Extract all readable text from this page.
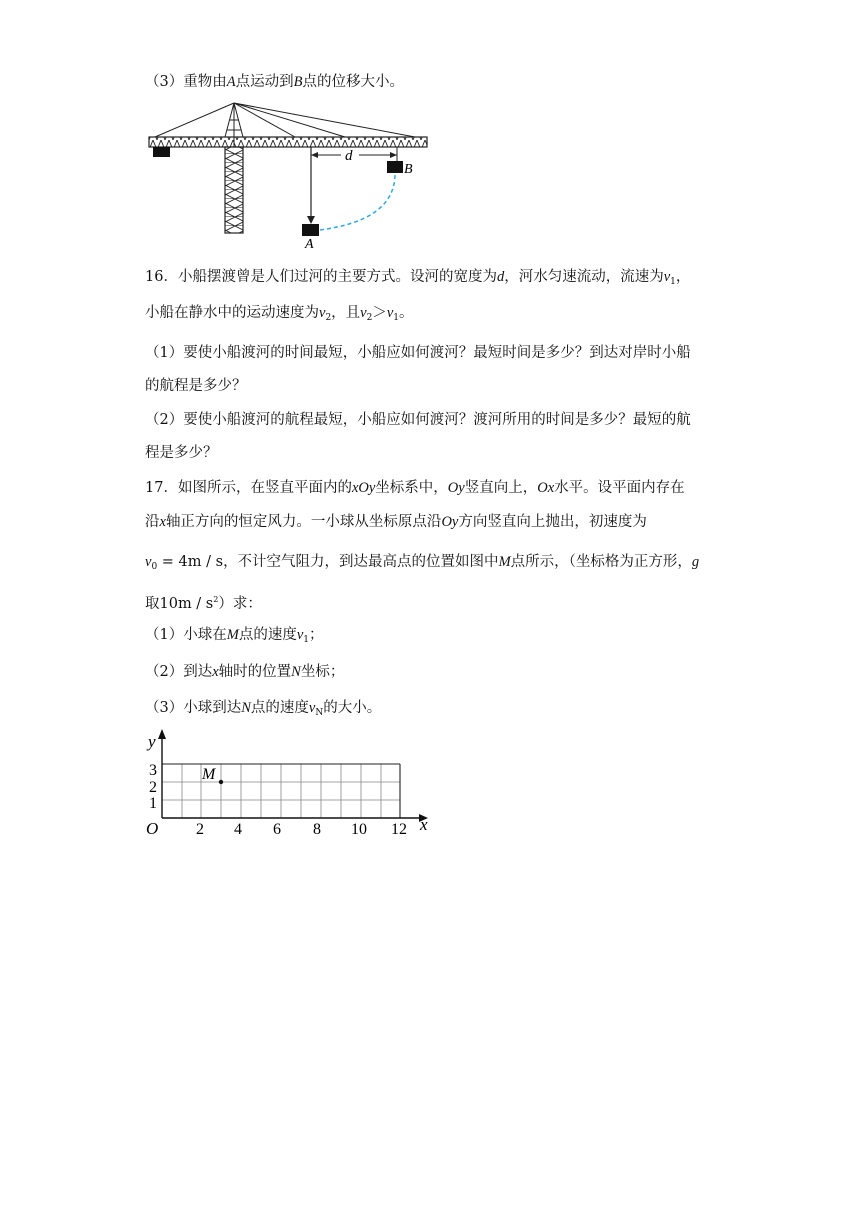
（3）重物由A点运动到B点的位移大小。
d
A
B
16．小船摆渡曾是人们过河的主要方式。设河的宽度为d，河水匀速流动，流速为$v_1$，
小船在静水中的运动速度为$v_2$，且$v_2>v_1$。
（1）要使小船渡河的时间最短，小船应如何渡河？最短时间是多少？到达对岸时小船
的航程是多少？
（2）要使小船渡河的航程最短，小船应如何渡河？渡河所用的时间是多少？最短的航
程是多少？
17．如图所示，在竖直平面内的xOy坐标系中，Oy竖直向上，Ox水平。设平面内存在
沿x轴正方向的恒定风力。一小球从坐标原点沿Oy方向竖直向上抛出，初速度为
$v_0 = 4m / s$，不计空气阻力，到达最高点的位置如图中M点所示，（坐标格为正方形，g
取$10m / s^2$）求：
（1）小球在M点的速度$v_1$；
（2）到达x轴时的位置N坐标；
（3）小球到达N点的速度$v_N$的大小。
y
x
O
1
2
3
2 4 6 8 10 12
M
